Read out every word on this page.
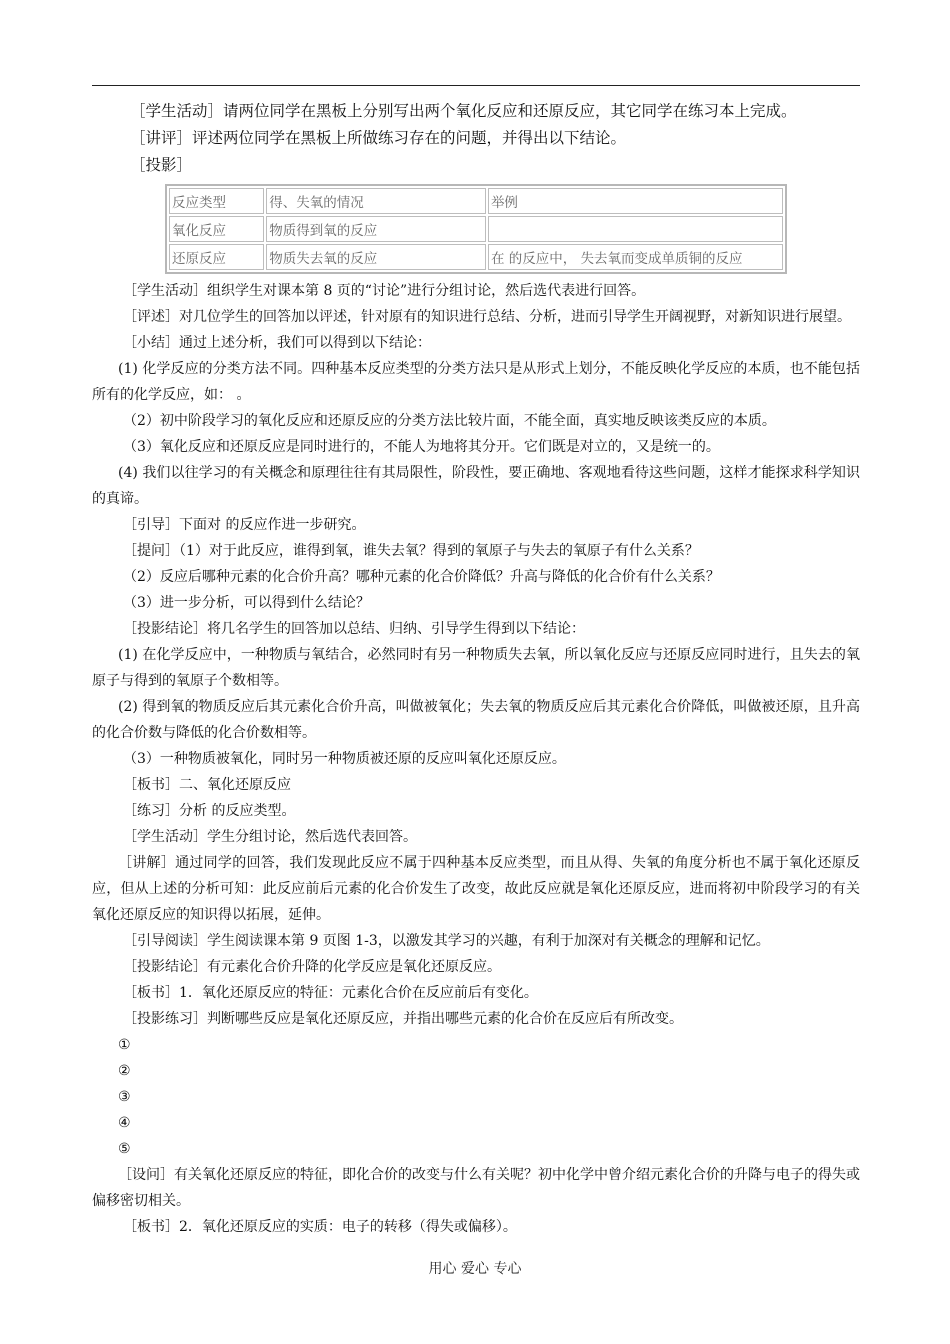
［学生活动］请两位同学在黑板上分别写出两个氧化反应和还原反应，其它同学在练习本上完成。
［讲评］评述两位同学在黑板上所做练习存在的问题，并得出以下结论。
［投影］
反应类型	得、失氧的情况	举例
氧化反应	物质得到氧的反应	
还原反应	物质失去氧的反应	在 的反应中， 失去氧而变成单质铜的反应
［学生活动］组织学生对课本第 8 页的“讨论”进行分组讨论，然后选代表进行回答。
［评述］对几位学生的回答加以评述，针对原有的知识进行总结、分析，进而引导学生开阔视野，对新知识进行展望。
［小结］通过上述分析，我们可以得到以下结论：

(1) 化学反应的分类方法不同。四种基本反应类型的分类方法只是从形式上划分，不能反映化学反应的本质，也不能包括所有的化学反应，如： 。

（2）初中阶段学习的氧化反应和还原反应的分类方法比较片面，不能全面，真实地反映该类反应的本质。
（3）氧化反应和还原反应是同时进行的，不能人为地将其分开。它们既是对立的，又是统一的。

(4) 我们以往学习的有关概念和原理往往有其局限性，阶段性，要正确地、客观地看待这些问题，这样才能探求科学知识的真谛。

［引导］下面对 的反应作进一步研究。
［提问］（1）对于此反应，谁得到氧，谁失去氧？得到的氧原子与失去的氧原子有什么关系？
（2）反应后哪种元素的化合价升高？哪种元素的化合价降低？升高与降低的化合价有什么关系？
（3）进一步分析，可以得到什么结论？
［投影结论］将几名学生的回答加以总结、归纳、引导学生得到以下结论：

(1) 在化学反应中，一种物质与氧结合，必然同时有另一种物质失去氧，所以氧化反应与还原反应同时进行，且失去的氧原子与得到的氧原子个数相等。

(2) 得到氧的物质反应后其元素化合价升高，叫做被氧化；失去氧的物质反应后其元素化合价降低，叫做被还原，且升高的化合价数与降低的化合价数相等。

（3）一种物质被氧化，同时另一种物质被还原的反应叫氧化还原反应。
［板书］二、氧化还原反应
［练习］分析 的反应类型。
［学生活动］学生分组讨论，然后选代表回答。

［讲解］通过同学的回答，我们发现此反应不属于四种基本反应类型，而且从得、失氧的角度分析也不属于氧化还原反应，但从上述的分析可知：此反应前后元素的化合价发生了改变，故此反应就是氧化还原反应，进而将初中阶段学习的有关氧化还原反应的知识得以拓展，延伸。

［引导阅读］学生阅读课本第 9 页图 1-3，以激发其学习的兴趣，有利于加深对有关概念的理解和记忆。
［投影结论］有元素化合价升降的化学反应是氧化还原反应。
［板书］1．氧化还原反应的特征：元素化合价在反应前后有变化。
［投影练习］判断哪些反应是氧化还原反应，并指出哪些元素的化合价在反应后有所改变。
①
②
③
④
⑤

［设问］有关氧化还原反应的特征，即化合价的改变与什么有关呢？初中化学中曾介绍元素化合价的升降与电子的得失或偏移密切相关。

［板书］2．氧化还原反应的实质：电子的转移（得失或偏移）。
用心 爱心 专心
